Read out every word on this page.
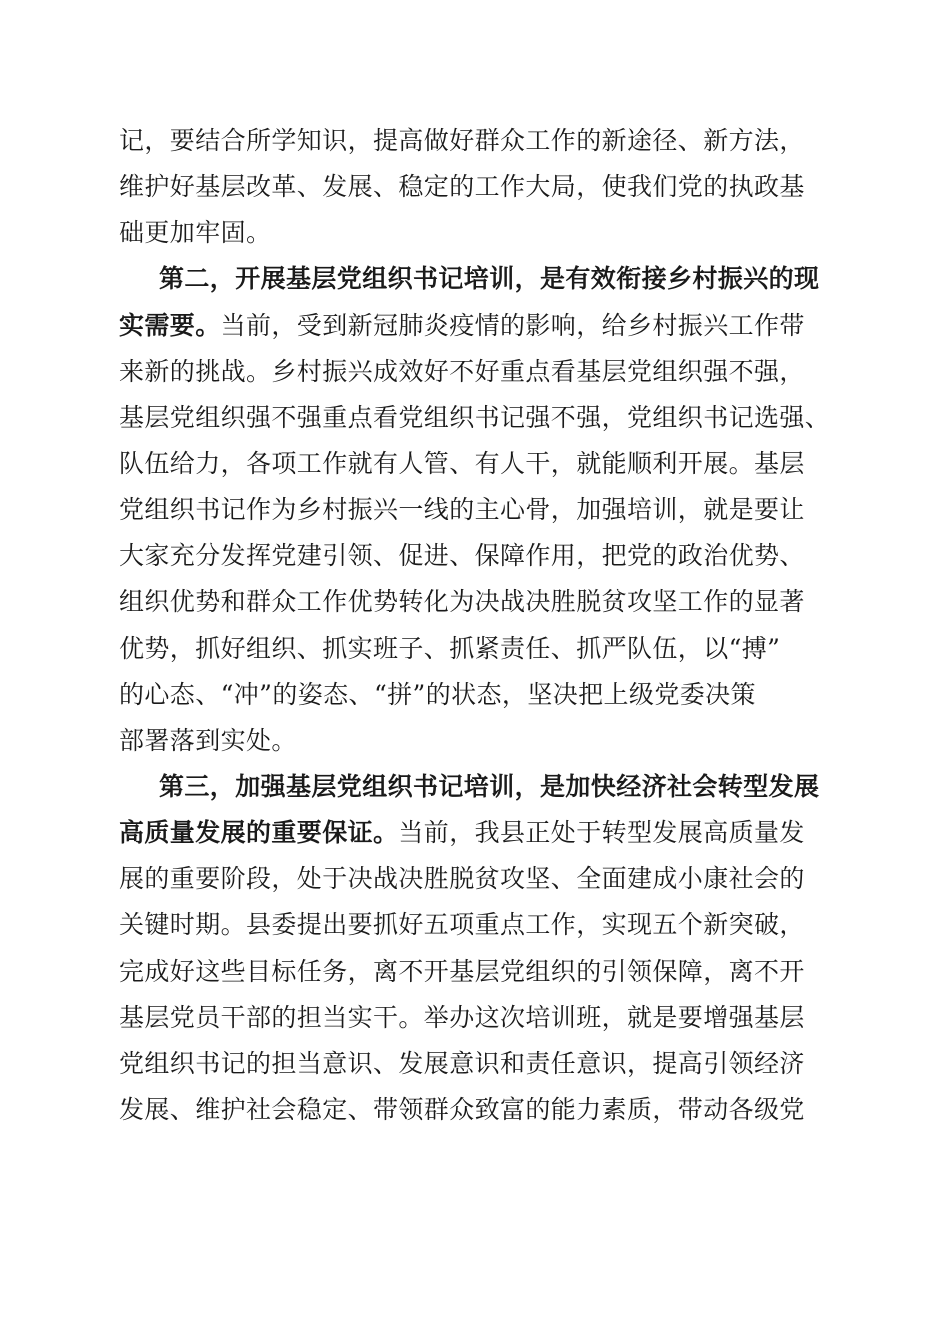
记，要结合所学知识，提高做好群众工作的新途径、新方法，
维护好基层改革、发展、稳定的工作大局，使我们党的执政基
础更加牢固。
第二，开展基层党组织书记培训，是有效衔接乡村振兴的现
实需要。当前，受到新冠肺炎疫情的影响，给乡村振兴工作带
来新的挑战。乡村振兴成效好不好重点看基层党组织强不强，
基层党组织强不强重点看党组织书记强不强，党组织书记选强、
队伍给力，各项工作就有人管、有人干，就能顺利开展。基层
党组织书记作为乡村振兴一线的主心骨，加强培训，就是要让
大家充分发挥党建引领、促进、保障作用，把党的政治优势、
组织优势和群众工作优势转化为决战决胜脱贫攻坚工作的显著
优势，抓好组织、抓实班子、抓紧责任、抓严队伍，以“搏”
的心态、“冲”的姿态、“拼”的状态，坚决把上级党委决策
部署落到实处。
第三，加强基层党组织书记培训，是加快经济社会转型发展
高质量发展的重要保证。当前，我县正处于转型发展高质量发
展的重要阶段，处于决战决胜脱贫攻坚、全面建成小康社会的
关键时期。县委提出要抓好五项重点工作，实现五个新突破，
完成好这些目标任务，离不开基层党组织的引领保障，离不开
基层党员干部的担当实干。举办这次培训班，就是要增强基层
党组织书记的担当意识、发展意识和责任意识，提高引领经济
发展、维护社会稳定、带领群众致富的能力素质，带动各级党
